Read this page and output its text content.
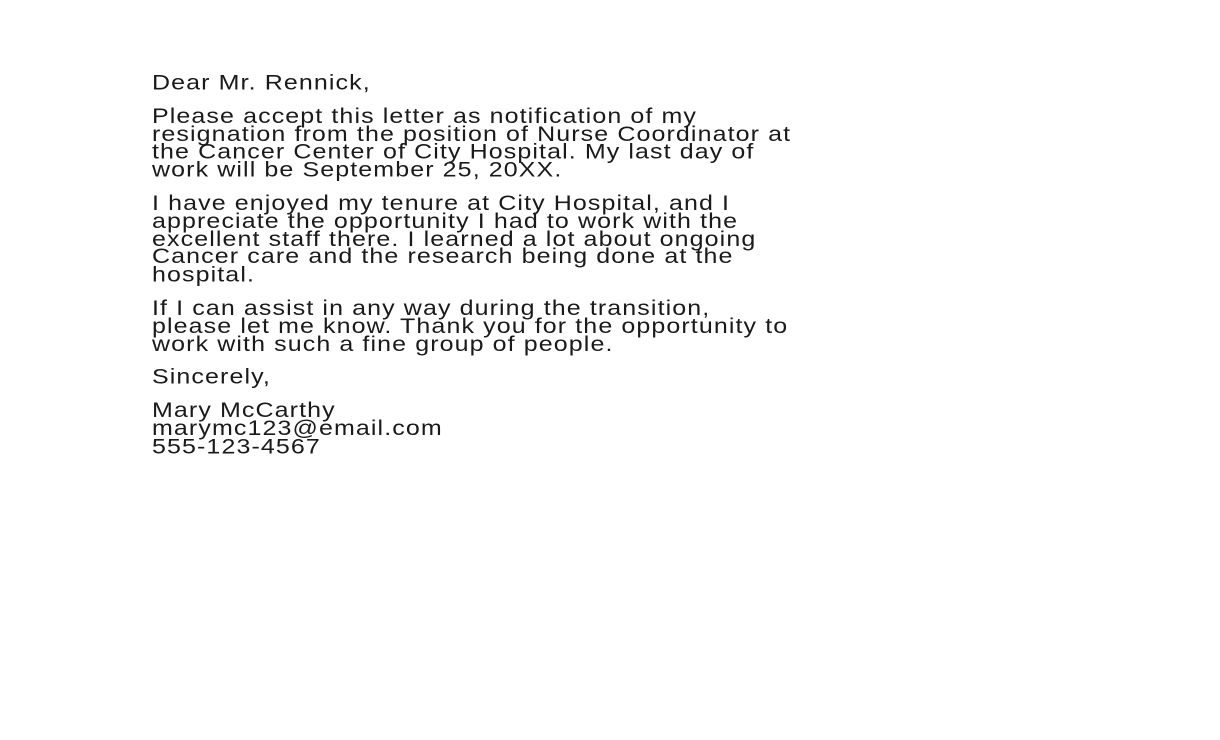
Dear Mr. Rennick,
Please accept this letter as notification of my
resignation from the position of Nurse Coordinator at
the Cancer Center of City Hospital. My last day of
work will be September 25, 20XX.
I have enjoyed my tenure at City Hospital, and I
appreciate the opportunity I had to work with the
excellent staff there. I learned a lot about ongoing
Cancer care and the research being done at the
hospital.
If I can assist in any way during the transition,
please let me know. Thank you for the opportunity to
work with such a fine group of people.
Sincerely,
Mary McCarthy
marymc123@email.com
555-123-4567
